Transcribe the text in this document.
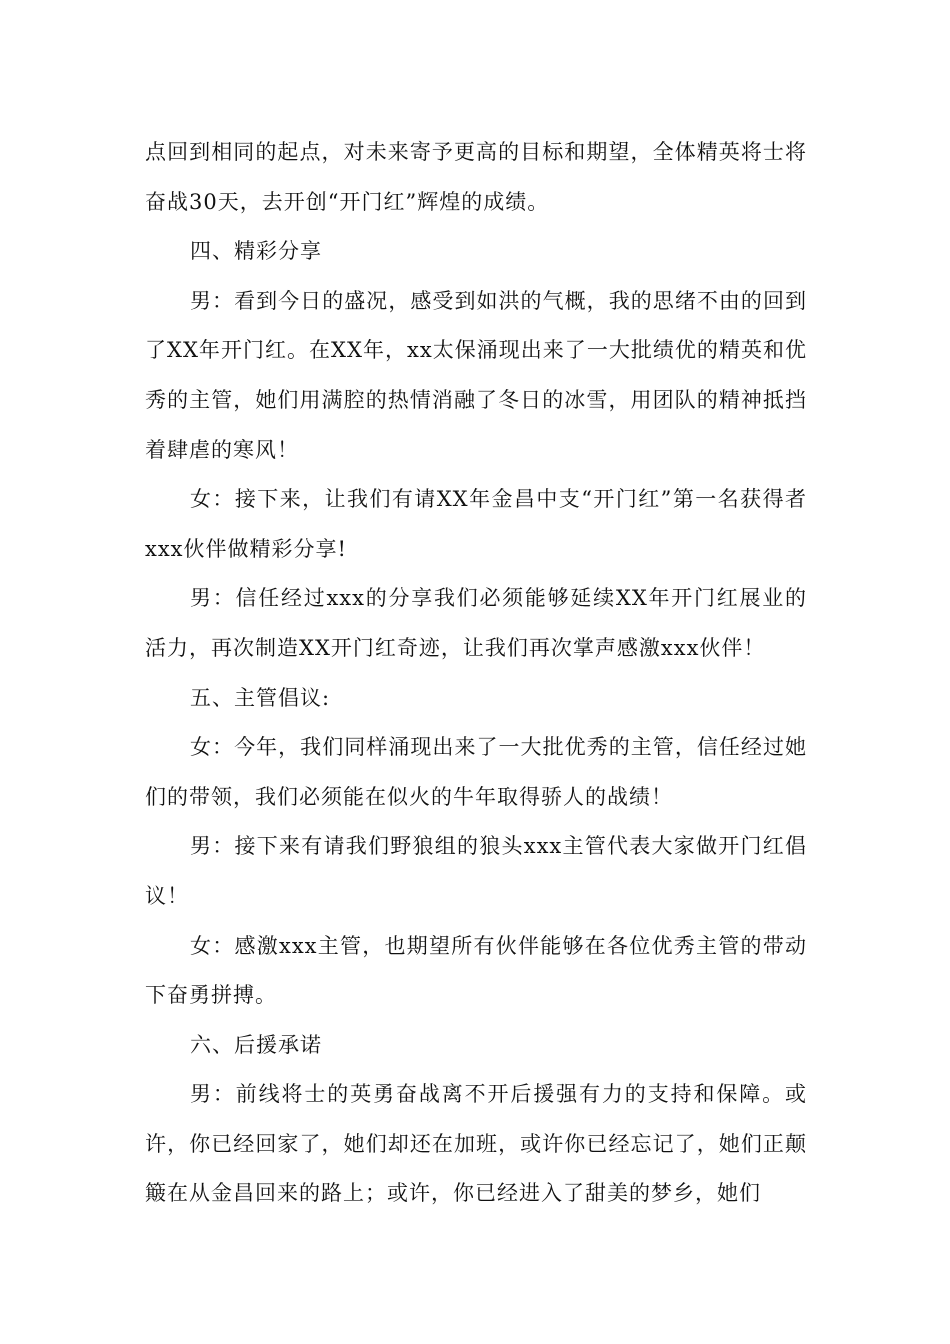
点回到相同的起点，对未来寄予更高的目标和期望，全体精英将士将奋战30天，去开创“开门红”辉煌的成绩。

四、精彩分享

男：看到今日的盛况，感受到如洪的气概，我的思绪不由的回到了XX年开门红。在XX年，xx太保涌现出来了一大批绩优的精英和优秀的主管，她们用满腔的热情消融了冬日的冰雪，用团队的精神抵挡着肆虐的寒风！

女：接下来，让我们有请XX年金昌中支“开门红”第一名获得者xxx伙伴做精彩分享!

男：信任经过xxx的分享我们必须能够延续XX年开门红展业的活力，再次制造XX开门红奇迹，让我们再次掌声感激xxx伙伴！

五、主管倡议:

女：今年，我们同样涌现出来了一大批优秀的主管，信任经过她们的带领，我们必须能在似火的牛年取得骄人的战绩！

男：接下来有请我们野狼组的狼头xxx主管代表大家做开门红倡议！

女：感激xxx主管，也期望所有伙伴能够在各位优秀主管的带动下奋勇拼搏。

六、后援承诺

男：前线将士的英勇奋战离不开后援强有力的支持和保障。或许，你已经回家了，她们却还在加班，或许你已经忘记了，她们正颠簸在从金昌回来的路上；或许，你已经进入了甜美的梦乡，她们
